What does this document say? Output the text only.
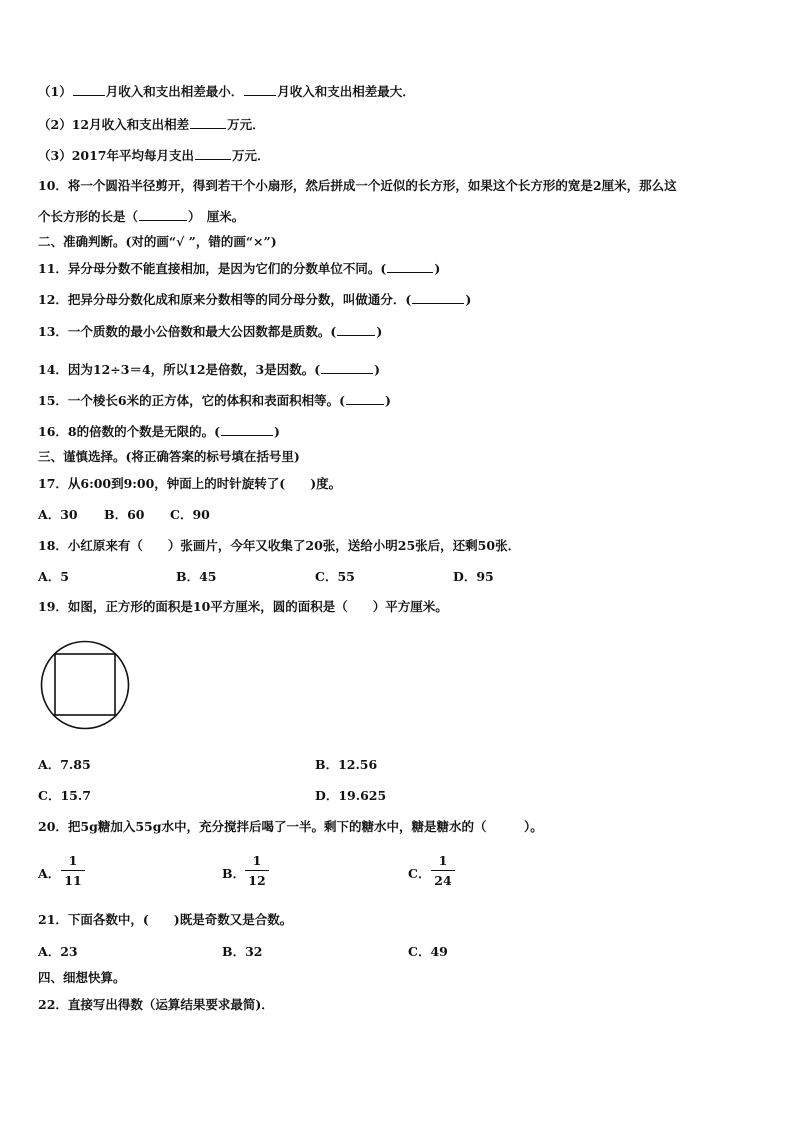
（1）	月收入和支出相差最小．	月收入和支出相差最大．
（2）12月收入和支出相差	万元．
（3）2017年平均每月支出	万元．
10．将一个圆沿半径剪开，得到若干个小扇形，然后拼成一个近似的长方形，如果这个长方形的宽是2厘米，那么这
个长方形的长是（	）　厘米。
二、准确判断。(对的画“√ ”，错的画“×”)
11．异分母分数不能直接相加，是因为它们的分数单位不同。(	)
12．把异分母分数化成和原来分数相等的同分母分数，叫做通分．(	)
13．一个质数的最小公倍数和最大公因数都是质数。(	)
14．因为12÷3＝4，所以12是倍数，3是因数。(	)
15．一个棱长6米的正方体，它的体积和表面积相等。(	)
16．8的倍数的个数是无限的。(	)
三、谨慎选择。(将正确答案的标号填在括号里)
17．从6:00到9:00，钟面上的时针旋转了(　　)度。
A．30 B．60 C．90
18．小红原来有（　　）张画片，今年又收集了20张，送给小明25张后，还剩50张．
A．5	B．45	C．55	D．95
19．如图，正方形的面积是10平方厘米，圆的面积是（　　）平方厘米。
A．7.85	B．12.56
C．15.7	D．19.625
20．把5g糖加入55g水中，充分搅拌后喝了一半。剩下的糖水中，糖是糖水的（　　　）。
A．
1
11	B．
1
12	C．
1
24
21．下面各数中，(　　)既是奇数又是合数。
A．23	B．32	C．49
四、细想快算。
22．直接写出得数（运算结果要求最简)．
